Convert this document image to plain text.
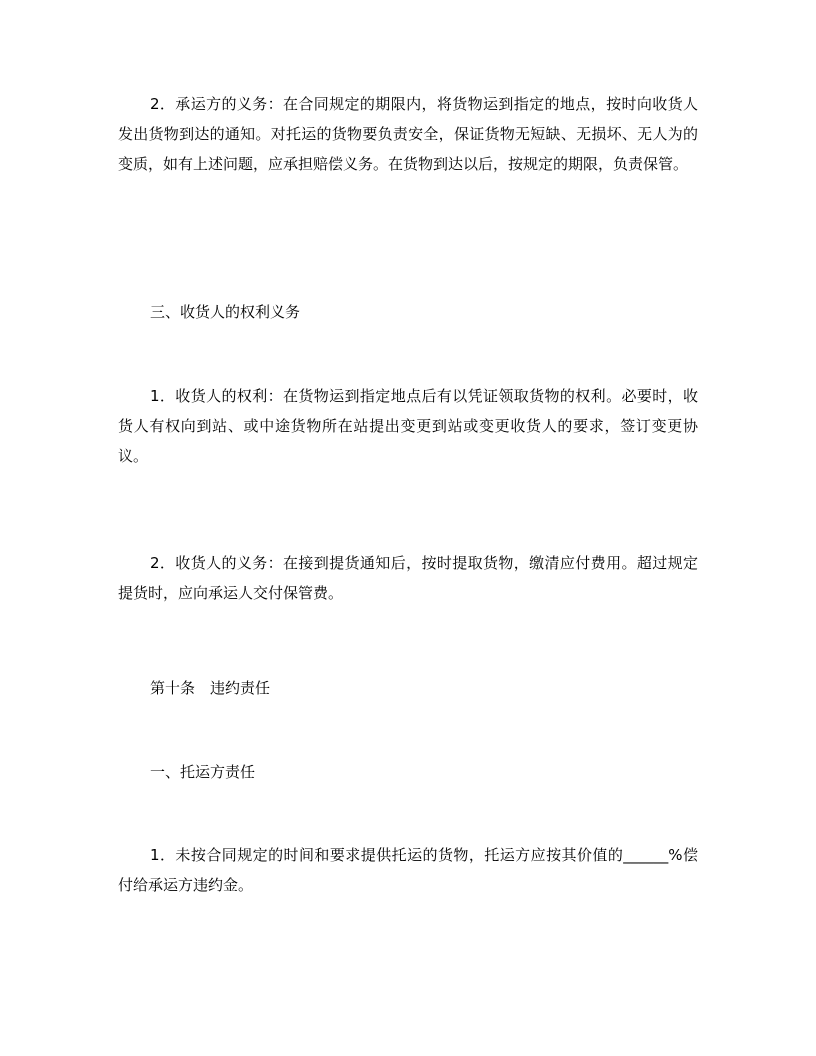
2．承运方的义务：在合同规定的期限内，将货物运到指定的地点，按时向收货人发出货物到达的通知。对托运的货物要负责安全，保证货物无短缺、无损坏、无人为的变质，如有上述问题，应承担赔偿义务。在货物到达以后，按规定的期限，负责保管。

三、收货人的权利义务

1．收货人的权利：在货物运到指定地点后有以凭证领取货物的权利。必要时，收货人有权向到站、或中途货物所在站提出变更到站或变更收货人的要求，签订变更协议。

2．收货人的义务：在接到提货通知后，按时提取货物，缴清应付费用。超过规定提货时，应向承运人交付保管费。

第十条　违约责任

一、托运方责任

1．未按合同规定的时间和要求提供托运的货物，托运方应按其价值的______%偿付给承运方违约金。
